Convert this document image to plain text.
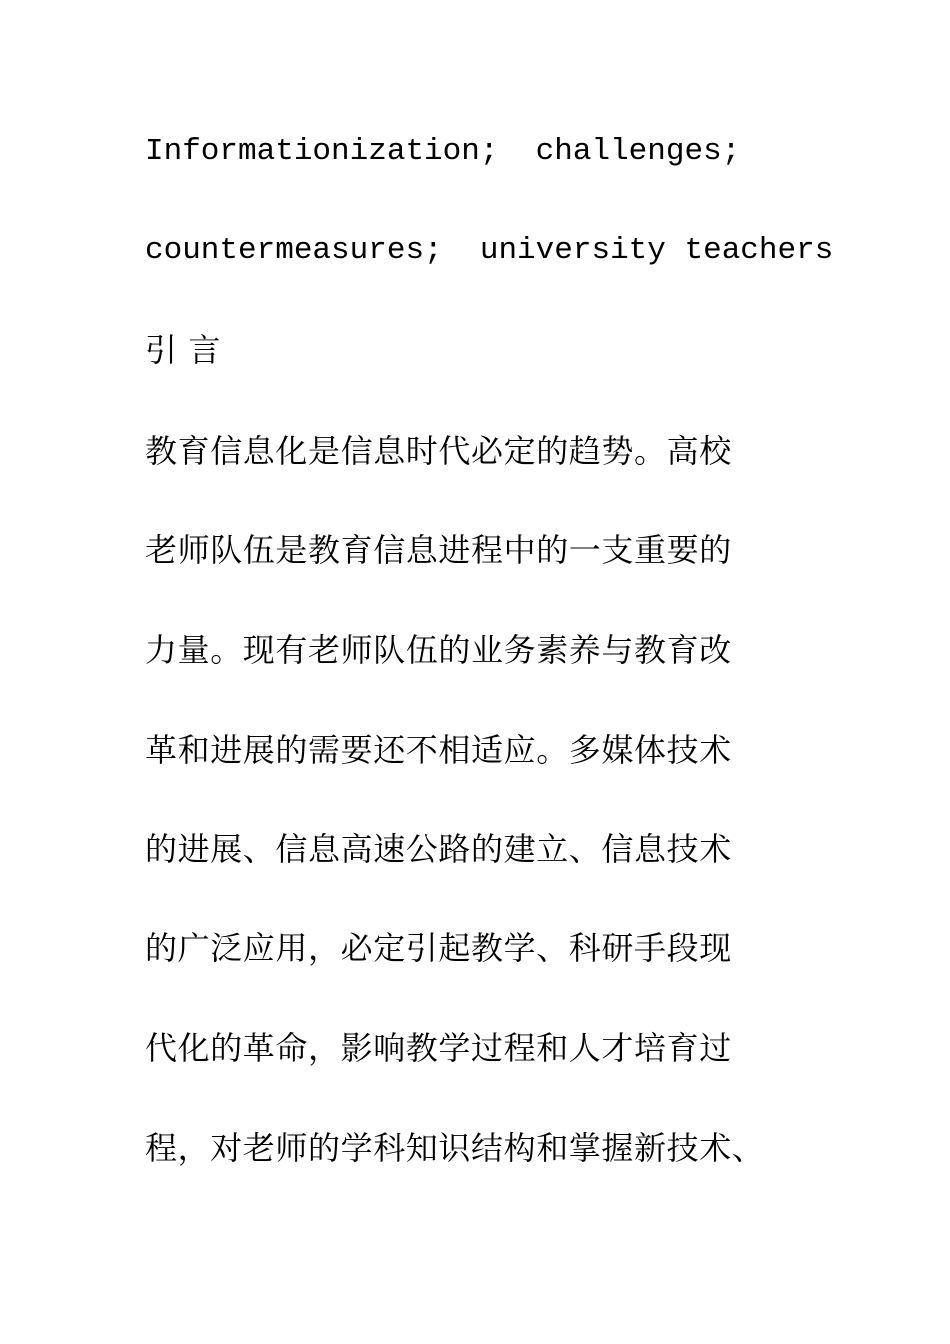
Informationization;  challenges;
countermeasures;  university teachers
引 言
教育信息化是信息时代必定的趋势。高校
老师队伍是教育信息进程中的一支重要的
力量。现有老师队伍的业务素养与教育改
革和进展的需要还不相适应。多媒体技术
的进展、信息高速公路的建立、信息技术
的广泛应用，必定引起教学、科研手段现
代化的革命，影响教学过程和人才培育过
程，对老师的学科知识结构和掌握新技术、
